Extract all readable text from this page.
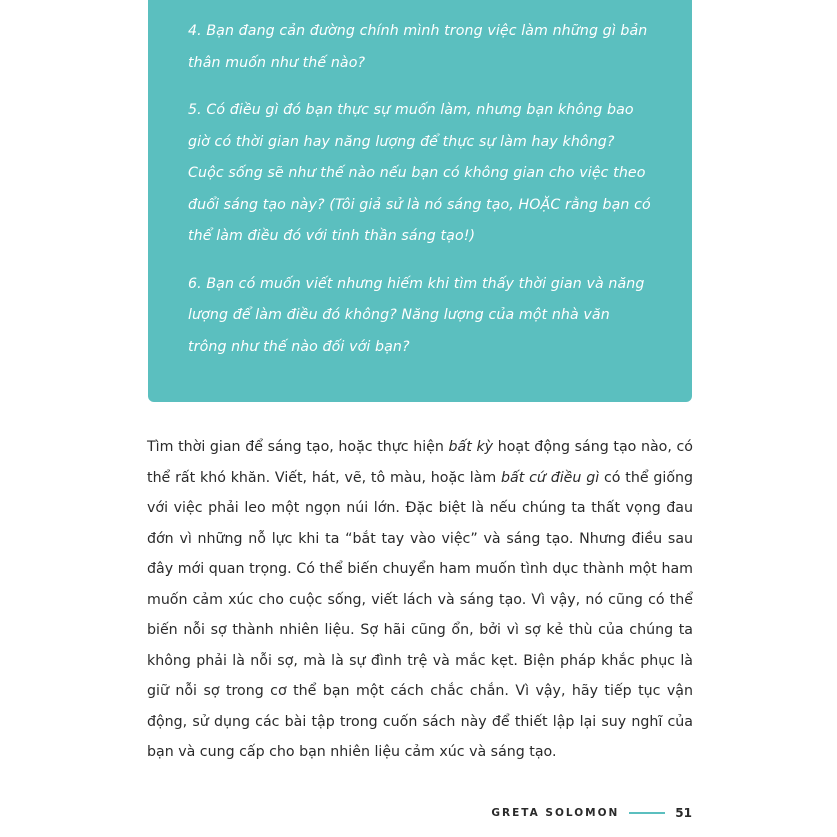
4. Bạn đang cản đường chính mình trong việc làm những gì bản thân muốn như thế nào?

5. Có điều gì đó bạn thực sự muốn làm, nhưng bạn không bao giờ có thời gian hay năng lượng để thực sự làm hay không? Cuộc sống sẽ như thế nào nếu bạn có không gian cho việc theo đuổi sáng tạo này? (Tôi giả sử là nó sáng tạo, HOẶC rằng bạn có thể làm điều đó với tinh thần sáng tạo!)

6. Bạn có muốn viết nhưng hiếm khi tìm thấy thời gian và năng lượng để làm điều đó không? Năng lượng của một nhà văn trông như thế nào đối với bạn?

Tìm thời gian để sáng tạo, hoặc thực hiện bất kỳ hoạt động sáng tạo nào, có thể rất khó khăn. Viết, hát, vẽ, tô màu, hoặc làm bất cứ điều gì có thể giống với việc phải leo một ngọn núi lớn. Đặc biệt là nếu chúng ta thất vọng đau đớn vì những nỗ lực khi ta “bắt tay vào việc” và sáng tạo. Nhưng điều sau đây mới quan trọng. Có thể biến chuyển ham muốn tình dục thành một ham muốn cảm xúc cho cuộc sống, viết lách và sáng tạo. Vì vậy, nó cũng có thể biến nỗi sợ thành nhiên liệu. Sợ hãi cũng ổn, bởi vì sợ kẻ thù của chúng ta không phải là nỗi sợ, mà là sự đình trệ và mắc kẹt. Biện pháp khắc phục là giữ nỗi sợ trong cơ thể bạn một cách chắc chắn. Vì vậy, hãy tiếp tục vận động, sử dụng các bài tập trong cuốn sách này để thiết lập lại suy nghĩ của bạn và cung cấp cho bạn nhiên liệu cảm xúc và sáng tạo.

GRETA SOLOMON	51
